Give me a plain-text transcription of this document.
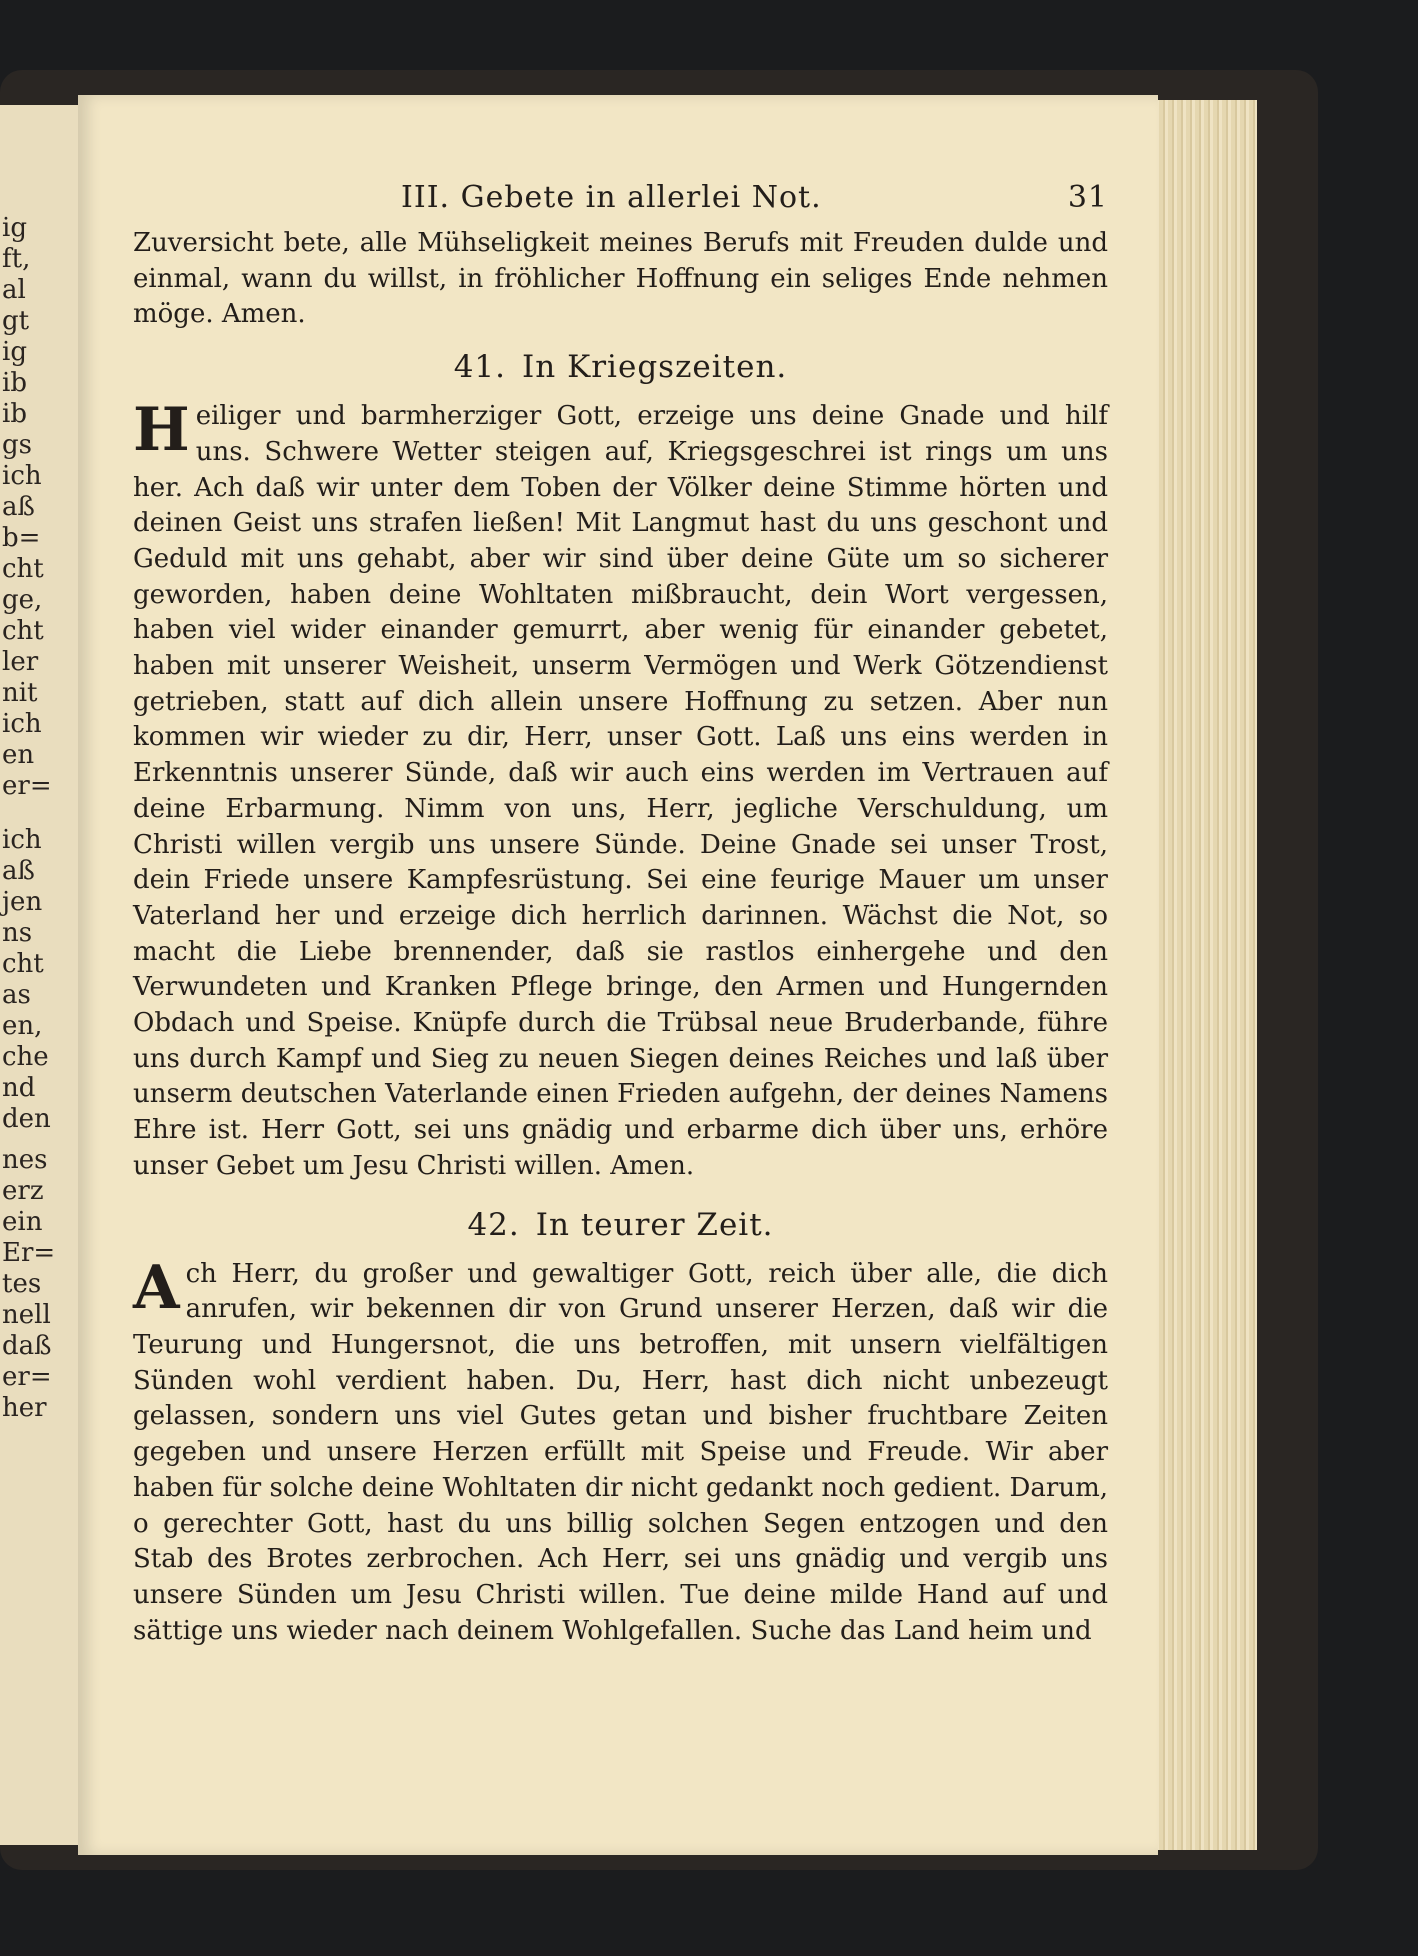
ig
ft,
al
gt
ig
ib
ib
gs
ich
aß
b=
cht
ge,
cht
ler
nit
ich
en
er=
ich
aß
jen
ns
cht
as
en,
che
nd
den
nes
erz
ein
Er=
tes
nell
daß
er=
her
III. Gebete in allerlei Not.	31

Zuversicht bete, alle Mühseligkeit meines Berufs mit Freuden dulde und einmal, wann du willst, in fröhlicher Hoffnung ein seliges Ende nehmen möge. Amen.

41. In Kriegszeiten.

Heiliger und barmherziger Gott, erzeige uns deine Gnade und hilf uns. Schwere Wetter steigen auf, Kriegsgeschrei ist rings um uns her. Ach daß wir unter dem Toben der Völker deine Stimme hörten und deinen Geist uns strafen ließen! Mit Langmut hast du uns geschont und Geduld mit uns gehabt, aber wir sind über deine Güte um so sicherer geworden, haben deine Wohltaten mißbraucht, dein Wort vergessen, haben viel wider einander gemurrt, aber wenig für einander gebetet, haben mit unserer Weisheit, unserm Vermögen und Werk Götzendienst getrieben, statt auf dich allein unsere Hoffnung zu setzen. Aber nun kommen wir wieder zu dir, Herr, unser Gott. Laß uns eins werden in Erkenntnis unserer Sünde, daß wir auch eins werden im Vertrauen auf deine Erbarmung. Nimm von uns, Herr, jegliche Verschuldung, um Christi willen vergib uns unsere Sünde. Deine Gnade sei unser Trost, dein Friede unsere Kampfesrüstung. Sei eine feurige Mauer um unser Vaterland her und erzeige dich herrlich darinnen. Wächst die Not, so macht die Liebe brennender, daß sie rastlos einhergehe und den Verwundeten und Kranken Pflege bringe, den Armen und Hungernden Obdach und Speise. Knüpfe durch die Trübsal neue Bruderbande, führe uns durch Kampf und Sieg zu neuen Siegen deines Reiches und laß über unserm deutschen Vaterlande einen Frieden aufgehn, der deines Namens Ehre ist. Herr Gott, sei uns gnädig und erbarme dich über uns, erhöre unser Gebet um Jesu Christi willen. Amen.

42. In teurer Zeit.

Ach Herr, du großer und gewaltiger Gott, reich über alle, die dich anrufen, wir bekennen dir von Grund unserer Herzen, daß wir die Teurung und Hungersnot, die uns betroffen, mit unsern vielfältigen Sünden wohl verdient haben. Du, Herr, hast dich nicht unbezeugt gelassen, sondern uns viel Gutes getan und bisher fruchtbare Zeiten gegeben und unsere Herzen erfüllt mit Speise und Freude. Wir aber haben für solche deine Wohltaten dir nicht gedankt noch gedient. Darum, o gerechter Gott, hast du uns billig solchen Segen entzogen und den Stab des Brotes zerbrochen. Ach Herr, sei uns gnädig und vergib uns unsere Sünden um Jesu Christi willen. Tue deine milde Hand auf und sättige uns wieder nach deinem Wohlgefallen. Suche das Land heim und
